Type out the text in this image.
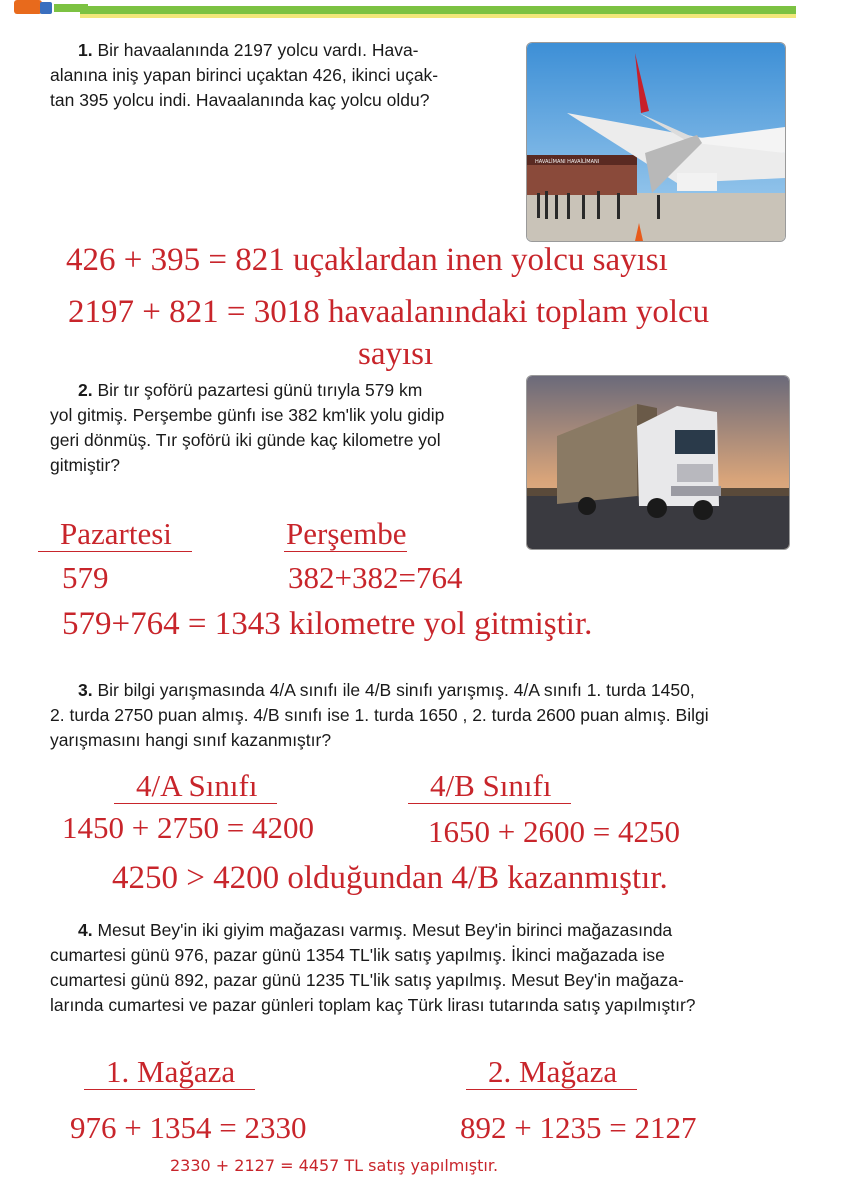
1. Bir havaalanında 2197 yolcu vardı. Hava-
alanına iniş yapan birinci uçaktan 426, ikinci uçak-
tan 395 yolcu indi. Havaalanında kaç yolcu oldu?
HAVALİMANI HAVAİLİMANI
426 + 395 = 821 uçaklardan inen yolcu sayısı
2197 + 821 = 3018 havaalanındaki toplam yolcu
sayısı
2. Bir tır şoförü pazartesi günü tırıyla 579 km
yol gitmiş. Perşembe günfı ise 382 km'lik yolu gidip
geri dönmüş. Tır şoförü iki günde kaç kilometre yol
gitmiştir?
Pazartesi	Perşembe
579	382+382=764
579+764 = 1343 kilometre yol gitmiştir.
3. Bir bilgi yarışmasında 4/A sınıfı ile 4/B sinıfı yarışmış. 4/A sınıfı 1. turda 1450,
2. turda 2750 puan almış. 4/B sınıfı ise 1. turda 1650 , 2. turda 2600 puan almış. Bilgi
yarışmasını hangi sınıf kazanmıştır?
4/A Sınıfı	4/B Sınıfı
1450 + 2750 = 4200	1650 + 2600 = 4250
4250 > 4200 olduğundan 4/B kazanmıştır.
4. Mesut Bey'in iki giyim mağazası varmış. Mesut Bey'in birinci mağazasında
cumartesi günü 976, pazar günü 1354 TL'lik satış yapılmış. İkinci mağazada ise
cumartesi günü 892, pazar günü 1235 TL'lik satış yapılmış. Mesut Bey'in mağaza-
larında cumartesi ve pazar günleri toplam kaç Türk lirası tutarında satış yapılmıştır?
1. Mağaza	2. Mağaza
976 + 1354 = 2330	892 + 1235 = 2127
2330 + 2127 = 4457 TL satış yapılmıştır.
